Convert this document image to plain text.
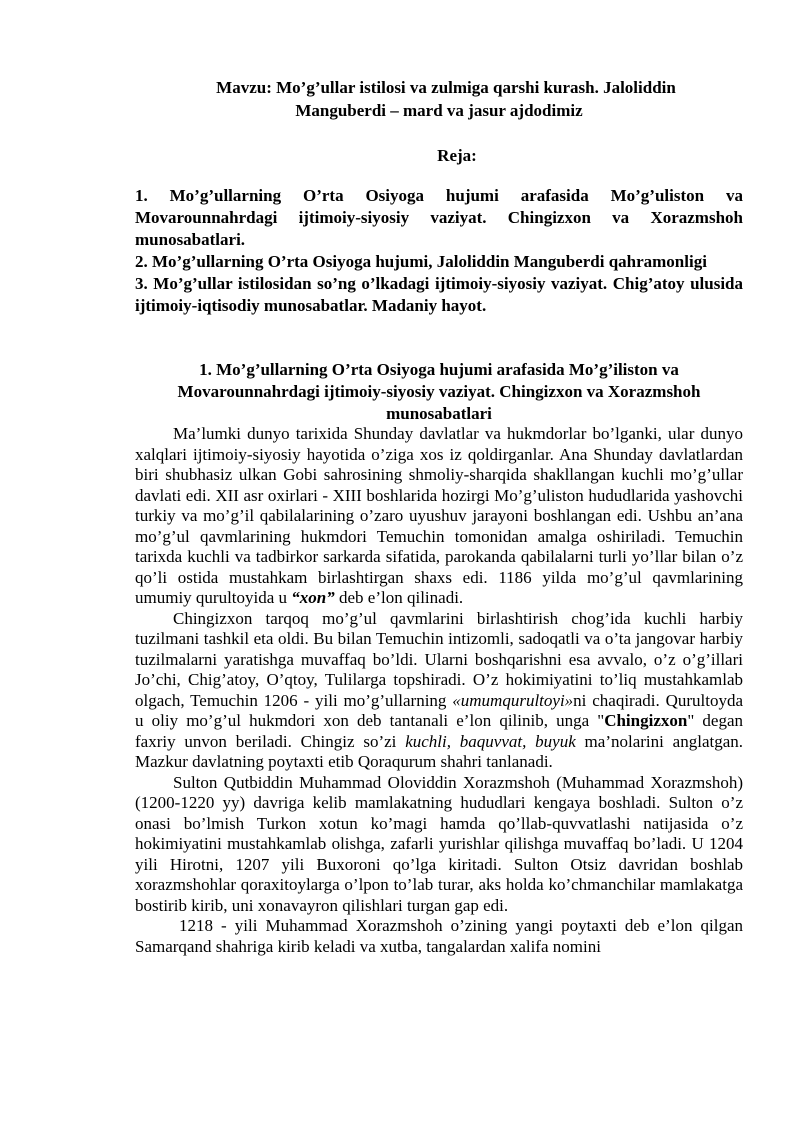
Mavzu: Mo’g’ullar istilosi va zulmiga qarshi kurash. Jaloliddin
Manguberdi – mard va jasur ajdodimiz
Reja:

1. Mo’g’ullarning O’rta Osiyoga hujumi arafasida Mo’g’uliston va Movarounnahrdagi ijtimoiy-siyosiy vaziyat. Chingizxon va Xorazmshoh munosabatlari.

2. Mo’g’ullarning O’rta Osiyoga hujumi, Jaloliddin Manguberdi qahramonligi

3. Mo’g’ullar istilosidan so’ng o’lkadagi ijtimoiy-siyosiy vaziyat. Chig’atoy ulusida ijtimoiy-iqtisodiy munosabatlar. Madaniy hayot.

1. Mo’g’ullarning O’rta Osiyoga hujumi arafasida Mo’g’iliston va Movarounnahrdagi ijtimoiy-siyosiy vaziyat. Chingizxon va Xorazmshoh munosabatlari

Ma’lumki dunyo tarixida Shunday davlatlar va hukmdorlar bo’lganki, ular dunyo xalqlari ijtimoiy-siyosiy hayotida o’ziga xos iz qoldirganlar. Ana Shunday davlatlardan biri shubhasiz ulkan Gobi sahrosining shmoliy-sharqida shakllangan kuchli mo’g’ullar davlati edi. XII asr oxirlari - XIII boshlarida hozirgi Mo’g’uliston hududlarida yashovchi turkiy va mo’g’il qabilalarining o’zaro uyushuv jarayoni boshlangan edi. Ushbu an’ana mo’g’ul qavmlarining hukmdori Temuchin tomonidan amalga oshiriladi. Temuchin tarixda kuchli va tadbirkor sarkarda sifatida, parokanda qabilalarni turli yo’llar bilan o’z qo’li ostida mustahkam birlashtirgan shaxs edi. 1186 yilda mo’g’ul qavmlarining umumiy qurultoyida u “xon” deb e’lon qilinadi.

Chingizxon tarqoq mo’g’ul qavmlarini birlashtirish chog’ida kuchli harbiy tuzilmani tashkil eta oldi. Bu bilan Temuchin intizomli, sadoqatli va o’ta jangovar harbiy tuzilmalarni yaratishga muvaffaq bo’ldi. Ularni boshqarishni esa avvalo, o’z o’g’illari Jo’chi, Chig’atoy, O’qtoy, Tulilarga topshiradi. O’z hokimiyatini to’liq mustahkamlab olgach, Temuchin 1206 - yili mo’g’ullarning «umumqurultoyi»ni chaqiradi. Qurultoyda u oliy mo’g’ul hukmdori xon deb tantanali e’lon qilinib, unga "Chingizxon" degan faxriy unvon beriladi. Chingiz so’zi kuchli, baquvvat, buyuk ma’nolarini anglatgan. Mazkur davlatning poytaxti etib Qoraqurum shahri tanlanadi.

Sulton Qutbiddin Muhammad Oloviddin Xorazmshoh (Muhammad Xorazmshoh) (1200-1220 yy) davriga kelib mamlakatning hududlari kengaya boshladi. Sulton o’z onasi bo’lmish Turkon xotun ko’magi hamda qo’llab-quvvatlashi natijasida o’z hokimiyatini mustahkamlab olishga, zafarli yurishlar qilishga muvaffaq bo’ladi. U 1204 yili Hirotni, 1207 yili Buxoroni qo’lga kiritadi. Sulton Otsiz davridan boshlab xorazmshohlar qoraxitoylarga o’lpon to’lab turar, aks holda ko’chmanchilar mamlakatga bostirib kirib, uni xonavayron qilishlari turgan gap edi.

1218 - yili Muhammad Xorazmshoh o’zining yangi poytaxti deb e’lon qilgan Samarqand shahriga kirib keladi va xutba, tangalardan xalifa nomini
